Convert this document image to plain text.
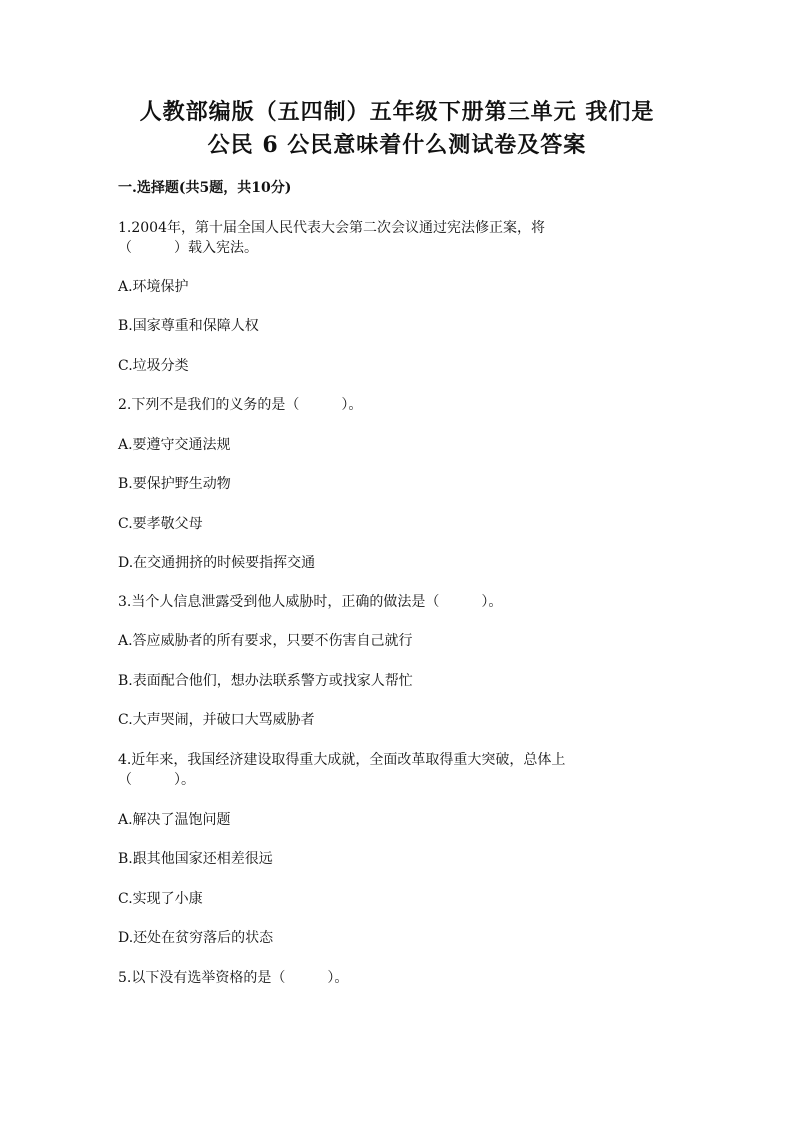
人教部编版（五四制）五年级下册第三单元 我们是
公民 6 公民意味着什么测试卷及答案
一.选择题(共5题，共10分)
1.2004年，第十届全国人民代表大会第二次会议通过宪法修正案，将
（　　　）载入宪法。
A.环境保护
B.国家尊重和保障人权
C.垃圾分类
2.下列不是我们的义务的是（　　　）。
A.要遵守交通法规
B.要保护野生动物
C.要孝敬父母
D.在交通拥挤的时候要指挥交通
3.当个人信息泄露受到他人威胁时，正确的做法是（　　　）。
A.答应威胁者的所有要求，只要不伤害自己就行
B.表面配合他们，想办法联系警方或找家人帮忙
C.大声哭闹，并破口大骂威胁者
4.近年来，我国经济建设取得重大成就，全面改革取得重大突破，总体上
（　　　）。
A.解决了温饱问题
B.跟其他国家还相差很远
C.实现了小康
D.还处在贫穷落后的状态
5.以下没有选举资格的是（　　　）。
